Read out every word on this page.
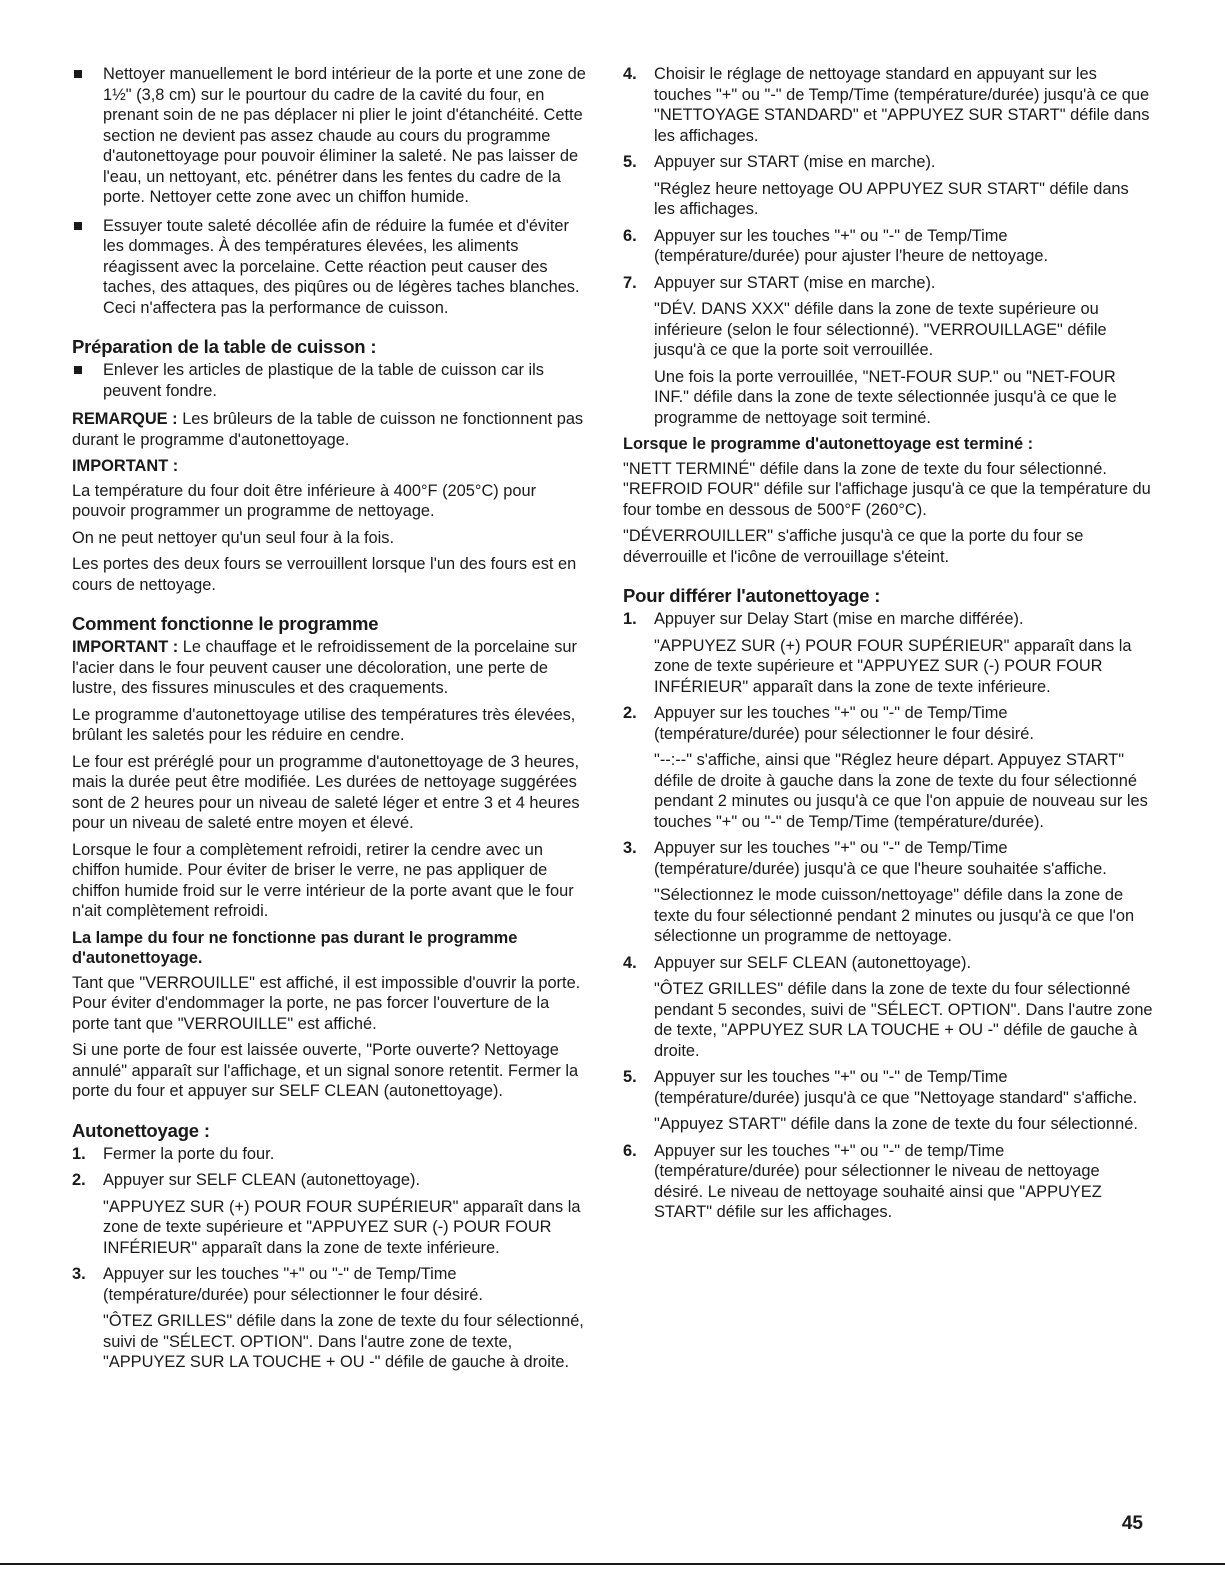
Nettoyer manuellement le bord intérieur de la porte et une zone de 1½" (3,8 cm) sur le pourtour du cadre de la cavité du four, en prenant soin de ne pas déplacer ni plier le joint d'étanchéité. Cette section ne devient pas assez chaude au cours du programme d'autonettoyage pour pouvoir éliminer la saleté. Ne pas laisser de l'eau, un nettoyant, etc. pénétrer dans les fentes du cadre de la porte. Nettoyer cette zone avec un chiffon humide.

Essuyer toute saleté décollée afin de réduire la fumée et d'éviter les dommages. À des températures élevées, les aliments réagissent avec la porcelaine. Cette réaction peut causer des taches, des attaques, des piqûres ou de légères taches blanches. Ceci n'affectera pas la performance de cuisson.

Préparation de la table de cuisson :

Enlever les articles de plastique de la table de cuisson car ils peuvent fondre.

REMARQUE : Les brûleurs de la table de cuisson ne fonctionnent pas durant le programme d'autonettoyage.

IMPORTANT :

La température du four doit être inférieure à 400°F (205°C) pour pouvoir programmer un programme de nettoyage.

On ne peut nettoyer qu'un seul four à la fois.

Les portes des deux fours se verrouillent lorsque l'un des fours est en cours de nettoyage.

Comment fonctionne le programme

IMPORTANT : Le chauffage et le refroidissement de la porcelaine sur l'acier dans le four peuvent causer une décoloration, une perte de lustre, des fissures minuscules et des craquements.

Le programme d'autonettoyage utilise des températures très élevées, brûlant les saletés pour les réduire en cendre.

Le four est préréglé pour un programme d'autonettoyage de 3 heures, mais la durée peut être modifiée. Les durées de nettoyage suggérées sont de 2 heures pour un niveau de saleté léger et entre 3 et 4 heures pour un niveau de saleté entre moyen et élevé.

Lorsque le four a complètement refroidi, retirer la cendre avec un chiffon humide. Pour éviter de briser le verre, ne pas appliquer de chiffon humide froid sur le verre intérieur de la porte avant que le four n'ait complètement refroidi.

La lampe du four ne fonctionne pas durant le programme d'autonettoyage.

Tant que "VERROUILLE" est affiché, il est impossible d'ouvrir la porte. Pour éviter d'endommager la porte, ne pas forcer l'ouverture de la porte tant que "VERROUILLE" est affiché.

Si une porte de four est laissée ouverte, "Porte ouverte? Nettoyage annulé" apparaît sur l'affichage, et un signal sonore retentit. Fermer la porte du four et appuyer sur SELF CLEAN (autonettoyage).

Autonettoyage :
1. Fermer la porte du four.

2. Appuyer sur SELF CLEAN (autonettoyage).

"APPUYEZ SUR (+) POUR FOUR SUPÉRIEUR" apparaît dans la zone de texte supérieure et "APPUYEZ SUR (-) POUR FOUR INFÉRIEUR" apparaît dans la zone de texte inférieure.

3. Appuyer sur les touches "+" ou "-" de Temp/Time (température/durée) pour sélectionner le four désiré.

"ÔTEZ GRILLES" défile dans la zone de texte du four sélectionné, suivi de "SÉLECT. OPTION". Dans l'autre zone de texte, "APPUYEZ SUR LA TOUCHE + OU -" défile de gauche à droite.

4. Choisir le réglage de nettoyage standard en appuyant sur les touches "+" ou "-" de Temp/Time (température/durée) jusqu'à ce que "NETTOYAGE STANDARD" et "APPUYEZ SUR START" défile dans les affichages.

5. Appuyer sur START (mise en marche).

"Réglez heure nettoyage OU APPUYEZ SUR START" défile dans les affichages.

6. Appuyer sur les touches "+" ou "-" de Temp/Time (température/durée) pour ajuster l'heure de nettoyage.

7. Appuyer sur START (mise en marche).

"DÉV. DANS XXX" défile dans la zone de texte supérieure ou inférieure (selon le four sélectionné). "VERROUILLAGE" défile jusqu'à ce que la porte soit verrouillée.

Une fois la porte verrouillée, "NET-FOUR SUP." ou "NET-FOUR INF." défile dans la zone de texte sélectionnée jusqu'à ce que le programme de nettoyage soit terminé.

Lorsque le programme d'autonettoyage est terminé :

"NETT TERMINÉ" défile dans la zone de texte du four sélectionné. "REFROID FOUR" défile sur l'affichage jusqu'à ce que la température du four tombe en dessous de 500°F (260°C).

"DÉVERROUILLER" s'affiche jusqu'à ce que la porte du four se déverrouille et l'icône de verrouillage s'éteint.

Pour différer l'autonettoyage :
1. Appuyer sur Delay Start (mise en marche différée).

"APPUYEZ SUR (+) POUR FOUR SUPÉRIEUR" apparaît dans la zone de texte supérieure et "APPUYEZ SUR (-) POUR FOUR INFÉRIEUR" apparaît dans la zone de texte inférieure.

2. Appuyer sur les touches "+" ou "-" de Temp/Time (température/durée) pour sélectionner le four désiré.

"--:--" s'affiche, ainsi que "Réglez heure départ. Appuyez START" défile de droite à gauche dans la zone de texte du four sélectionné pendant 2 minutes ou jusqu'à ce que l'on appuie de nouveau sur les touches "+" ou "-" de Temp/Time (température/durée).

3. Appuyer sur les touches "+" ou "-" de Temp/Time (température/durée) jusqu'à ce que l'heure souhaitée s'affiche.

"Sélectionnez le mode cuisson/nettoyage" défile dans la zone de texte du four sélectionné pendant 2 minutes ou jusqu'à ce que l'on sélectionne un programme de nettoyage.

4. Appuyer sur SELF CLEAN (autonettoyage).

"ÔTEZ GRILLES" défile dans la zone de texte du four sélectionné pendant 5 secondes, suivi de "SÉLECT. OPTION". Dans l'autre zone de texte, "APPUYEZ SUR LA TOUCHE + OU -" défile de gauche à droite.

5. Appuyer sur les touches "+" ou "-" de Temp/Time (température/durée) jusqu'à ce que "Nettoyage standard" s'affiche.

"Appuyez START" défile dans la zone de texte du four sélectionné.

6. Appuyer sur les touches "+" ou "-" de temp/Time (température/durée) pour sélectionner le niveau de nettoyage désiré. Le niveau de nettoyage souhaité ainsi que "APPUYEZ START" défile sur les affichages.

45
